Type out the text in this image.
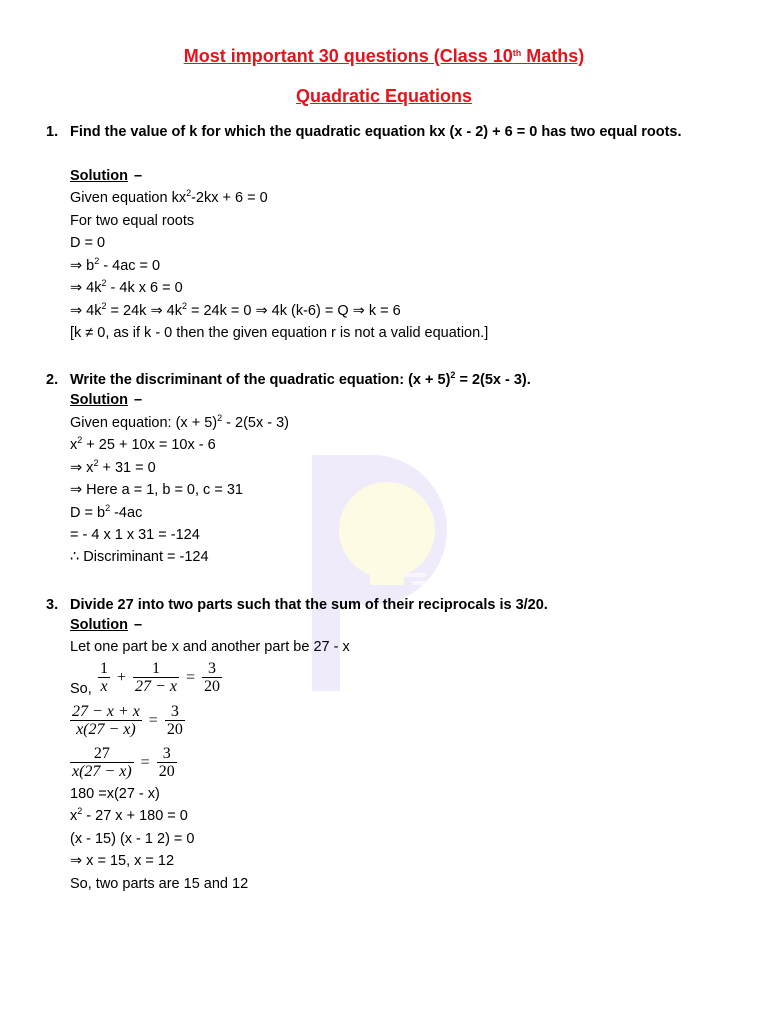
Most important 30 questions (Class 10th Maths)
Quadratic Equations
1. Find the value of k for which the quadratic equation kx (x - 2) + 6 = 0 has two equal roots.
Solution –
Given equation $kx^2-2kx + 6 = 0$
For two equal roots
D = 0
⇒ $b^2 - 4ac = 0$
⇒ $4k^2 - 4k$ x 6 = 0
⇒ $4k^2 = 24k$ ⇒ $4k^2 = 24k = 0$ ⇒ 4k (k-6) = Q ⇒ k = 6
[k ≠ 0, as if k - 0 then the given equation r is not a valid equation.]
2. Write the discriminant of the quadratic equation: $(x + 5)^2 = 2(5x - 3)$.
Solution –
Given equation: $(x + 5)^2 - 2(5x - 3)$
$x^2 + 25 + 10x = 10x - 6$
⇒ $x^2 + 31 = 0$
⇒ Here a = 1, b = 0, c = 31
$D = b^2$ -4ac
= - 4 x 1 x 31 = -124
∴ Discriminant = -124
3. Divide 27 into two parts such that the sum of their reciprocals is 3/20.
Solution –
Let one part be x and another part be 27 - x
So, $\frac{1}{x} + \frac{1}{27 - x} = \frac{3}{20}$
$\frac{27 - x + x}{x(27 - x)} = \frac{3}{20}$
$\frac{27}{x(27 - x)} = \frac{3}{20}$
180 =x(27 - x)
$x^2 - 27$ x + 180 = 0
(x - 15) (x - 1 2) = 0
⇒ x = 15, x = 12
So, two parts are 15 and 12
